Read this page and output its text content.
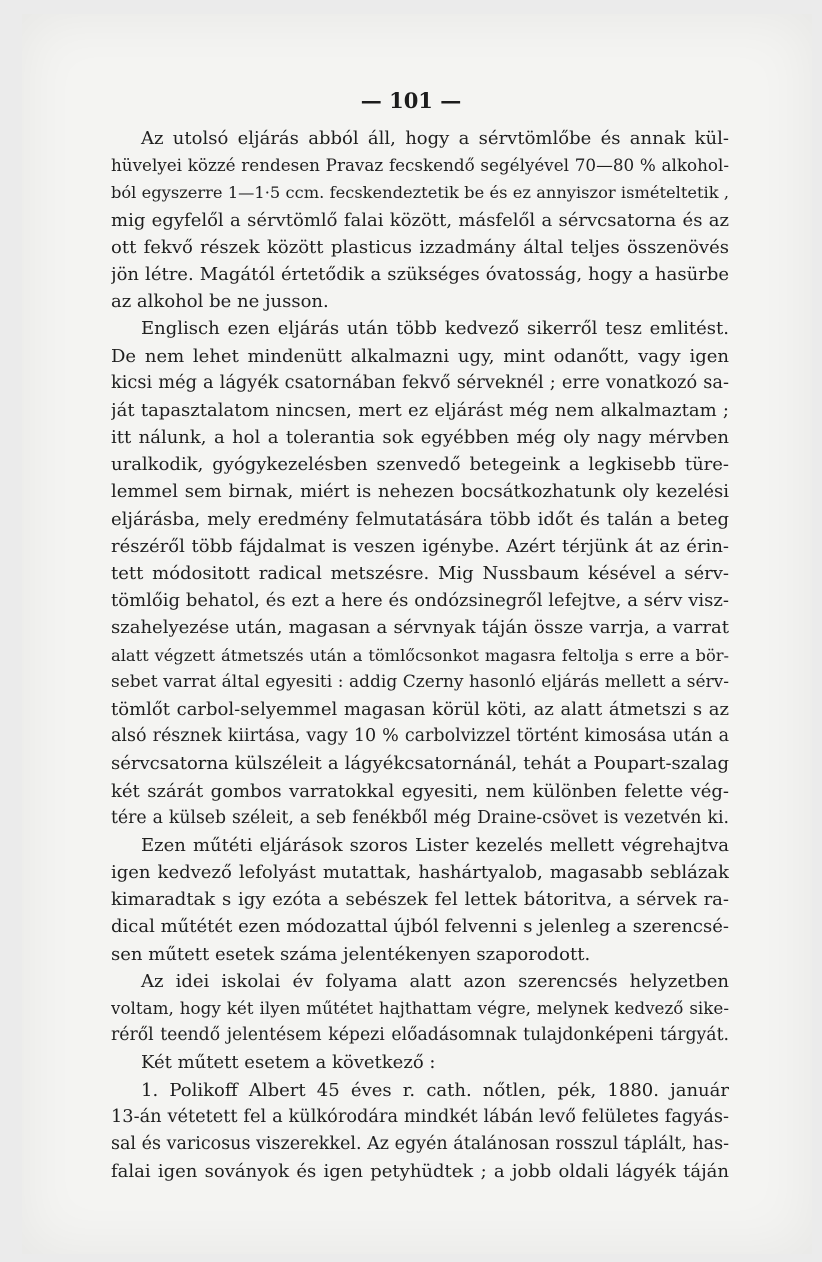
— 101 —
Az utolsó eljárás abból áll, hogy a sérvtömlőbe és annak kül-
hüvelyei közzé rendesen Pravaz fecskendő segélyével 70—80 % alkohol-
ból egyszerre 1—1·5 ccm. fecskendeztetik be és ez annyiszor ismételtetik ,
mig egyfelől a sérvtömlő falai között, másfelől a sérvcsatorna és az
ott fekvő részek között plasticus izzadmány által teljes összenövés
jön létre. Magától értetődik a szükséges óvatosság, hogy a hasürbe
az alkohol be ne jusson.
Englisch ezen eljárás után több kedvező sikerről tesz emlitést.
De nem lehet mindenütt alkalmazni ugy, mint odanőtt, vagy igen
kicsi még a lágyék csatornában fekvő sérveknél ; erre vonatkozó sa-
ját tapasztalatom nincsen, mert ez eljárást még nem alkalmaztam ;
itt nálunk, a hol a tolerantia sok egyébben még oly nagy mérvben
uralkodik, gyógykezelésben szenvedő betegeink a legkisebb türe-
lemmel sem birnak, miért is nehezen bocsátkozhatunk oly kezelési
eljárásba, mely eredmény felmutatására több időt és talán a beteg
részéről több fájdalmat is veszen igénybe. Azért térjünk át az érin-
tett módositott radical metszésre. Mig Nussbaum késével a sérv-
tömlőig behatol, és ezt a here és ondózsinegről lefejtve, a sérv visz-
szahelyezése után, magasan a sérvnyak táján össze varrja, a varrat
alatt végzett átmetszés után a tömlőcsonkot magasra feltolja s erre a bör-
sebet varrat által egyesiti : addig Czerny hasonló eljárás mellett a sérv-
tömlőt carbol-selyemmel magasan körül köti, az alatt átmetszi s az
alsó résznek kiirtása, vagy 10 % carbolvizzel történt kimosása után a
sérvcsatorna külszéleit a lágyékcsatornánál, tehát a Poupart-szalag
két szárát gombos varratokkal egyesiti, nem különben felette vég-
tére a külseb széleit, a seb fenékből még Draine-csövet is vezetvén ki.
Ezen műtéti eljárások szoros Lister kezelés mellett végrehajtva
igen kedvező lefolyást mutattak, hashártyalob, magasabb seblázak
kimaradtak s igy ezóta a sebészek fel lettek bátoritva, a sérvek ra-
dical műtétét ezen módozattal újból felvenni s jelenleg a szerencsé-
sen műtett esetek száma jelentékenyen szaporodott.
Az idei iskolai év folyama alatt azon szerencsés helyzetben
voltam, hogy két ilyen műtétet hajthattam végre, melynek kedvező sike-
réről teendő jelentésem képezi előadásomnak tulajdonképeni tárgyát.
Két műtett esetem a következő :
1. Polikoff Albert 45 éves r. cath. nőtlen, pék, 1880. január
13-án vétetett fel a külkórodára mindkét lábán levő felületes fagyás-
sal és varicosus viszerekkel. Az egyén átalánosan rosszul táplált, has-
falai igen soványok és igen petyhüdtek ; a jobb oldali lágyék táján
